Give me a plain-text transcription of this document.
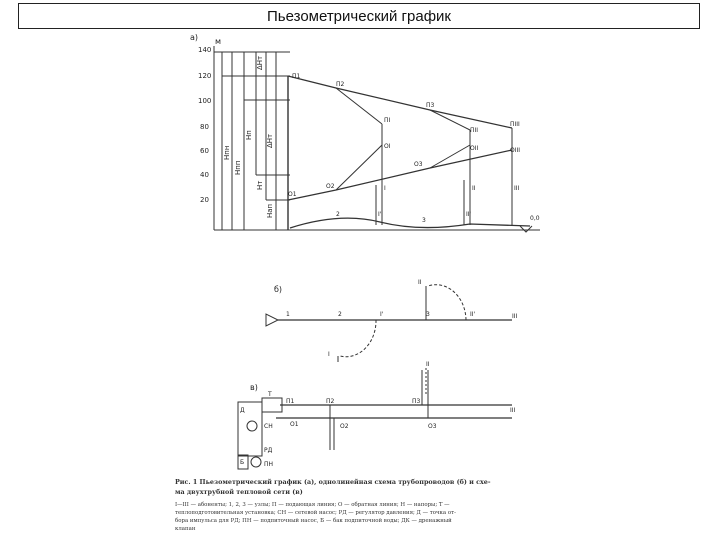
Пьезометрический график
а) м
140
120
100
80
60
40
20
ΔHт
ΔHт
Hт
Hп
Hпн
Hпп
Hап
0,0
П1
П2
ПI
П3
ПII
ПIII
О1
О2
ОI
О3
ОII	ОIII
I
I'
II
II'
III
2
3
б)
1	2	3	III
I
II
I'	II'
в)
Т
Д
СН
РД
ПН
Б
П1
О1
П2
О2
П3
О3
III
II
Рис. 1 Пьезометрический график (а), однолинейная схема трубопроводов (б) и схе-
ма двухтрубной тепловой сети (в)
I—III — абоненты; 1, 2, 3 — узлы; П — подающая линия; О — обратная линия; Н — напоры; Т —
теплоподготовительная установка; СН — сетевой насос; РД — регулятор давления; Д — точка от-
бора импульса для РД; ПН — подпиточный насос, Б — бак подпиточной воды; ДК — дренажный
клапан
